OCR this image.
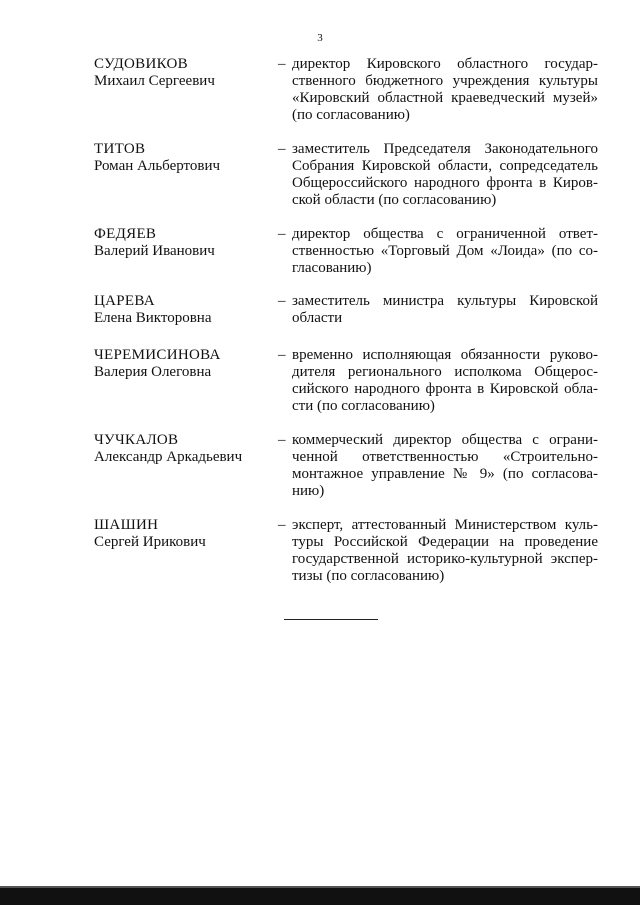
3
СУДОВИКОВ
Михаил Сергеевич
– директор Кировского областного государ-
ственного бюджетного учреждения культуры
«Кировский областной краеведческий музей»
(по согласованию)
ТИТОВ
Роман Альбертович
– заместитель Председателя Законодательного
Собрания Кировской области, сопредседатель
Общероссийского народного фронта в Киров-
ской области (по согласованию)
ФЕДЯЕВ
Валерий Иванович
– директор общества с ограниченной ответ-
ственностью «Торговый Дом «Лоида» (по со-
гласованию)
ЦАРЕВА
Елена Викторовна
– заместитель министра культуры Кировской
области
ЧЕРЕМИСИНОВА
Валерия Олеговна
– временно исполняющая обязанности руково-
дителя регионального исполкома Общерос-
сийского народного фронта в Кировской обла-
сти (по согласованию)
ЧУЧКАЛОВ
Александр Аркадьевич
– коммерческий директор общества с ограни-
ченной ответственностью «Строительно-
монтажное управление № 9» (по согласова-
нию)
ШАШИН
Сергей Ирикович
– эксперт, аттестованный Министерством куль-
туры Российской Федерации на проведение
государственной историко-культурной экспер-
тизы (по согласованию)
